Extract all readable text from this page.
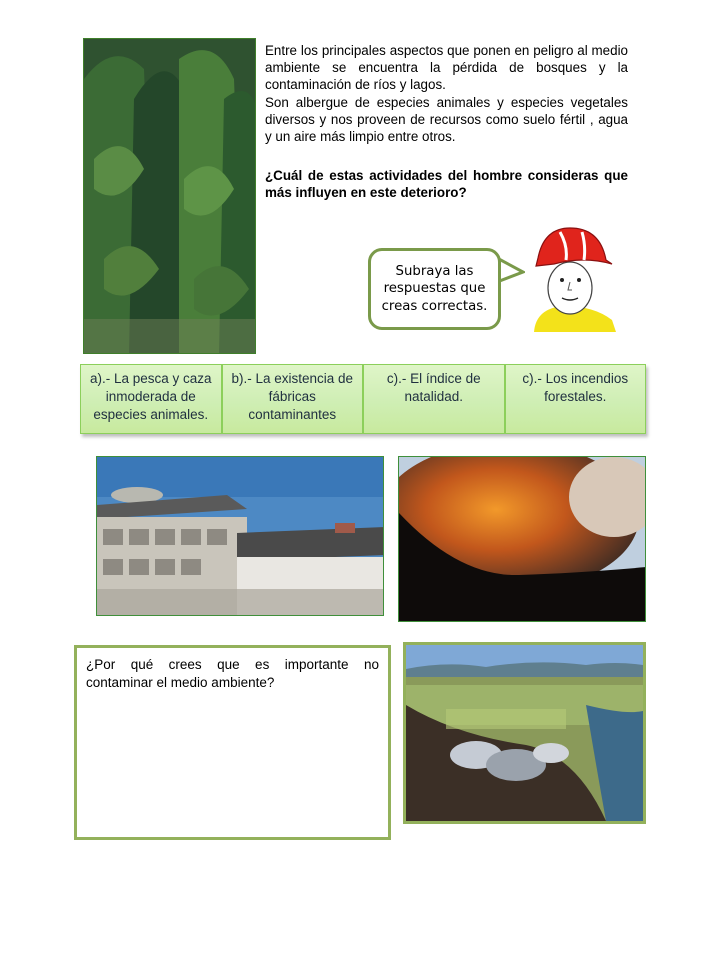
Entre los principales aspectos que ponen en peligro al medio ambiente se encuentra la pérdida de bosques y la contaminación de ríos y lagos.

Son albergue de especies animales y especies vegetales diversos y nos proveen de recursos como suelo fértil , agua y un aire más limpio entre otros.

¿Cuál de estas actividades del hombre consideras que más influyen en este deterioro?
Subraya las respuestas que creas correctas.
a).- La pesca y caza inmoderada de especies animales.
b).- La existencia de fábricas contaminantes
c).- El índice de natalidad.
c).- Los incendios forestales.
¿Por qué crees que es importante no contaminar el medio ambiente?
